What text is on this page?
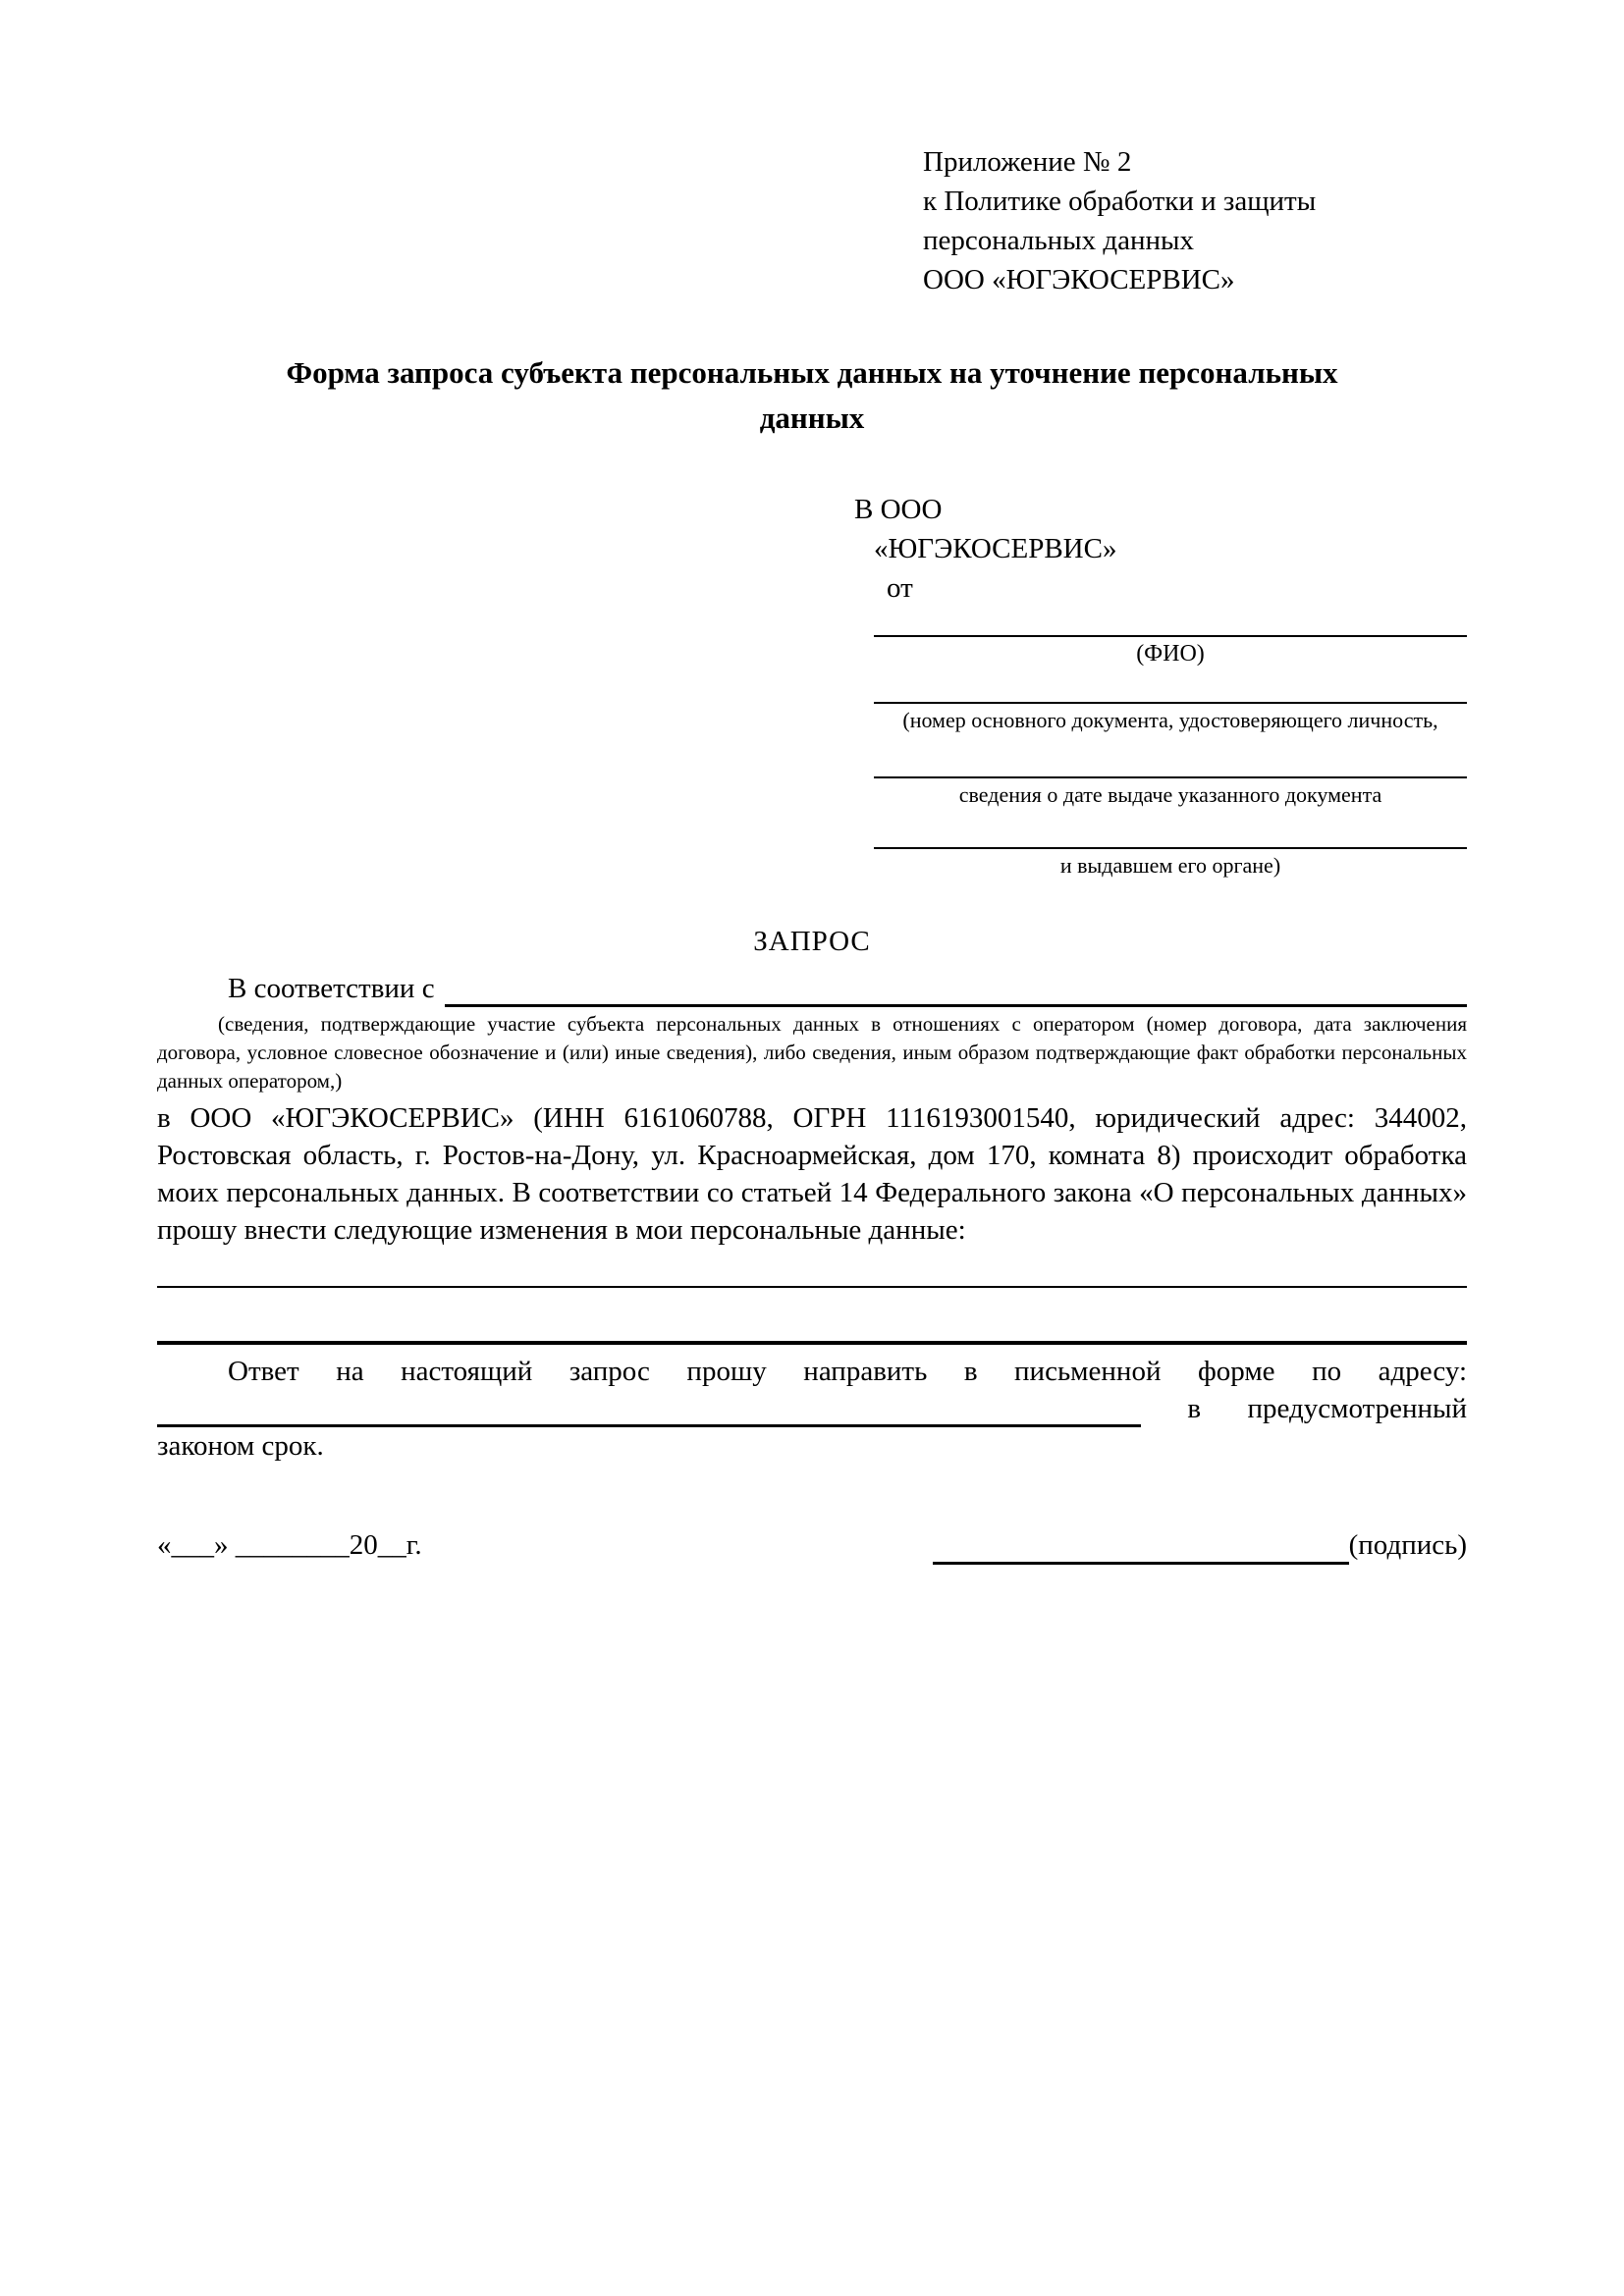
Приложение № 2
к Политике обработки и защиты персональных данных
ООО «ЮГЭКОСЕРВИС»
Форма запроса субъекта персональных данных на уточнение персональных данных
В ООО
«ЮГЭКОСЕРВИС»
от
(ФИО)
(номер основного документа, удостоверяющего личность,
сведения о дате выдаче указанного документа
и выдавшем его органе)
ЗАПРОС
В соответствии с
(сведения, подтверждающие участие субъекта персональных данных в отношениях с оператором (номер договора, дата заключения договора, условное словесное обозначение и (или) иные сведения), либо сведения, иным образом подтверждающие факт обработки персональных данных оператором,)
в ООО «ЮГЭКОСЕРВИС» (ИНН 6161060788, ОГРН 1116193001540, юридический адрес: 344002, Ростовская область, г. Ростов-на-Дону, ул. Красноармейская, дом 170, комната 8) происходит обработка моих персональных данных. В соответствии со статьей 14 Федерального закона «О персональных данных» прошу внести следующие изменения в мои персональные данные:
Ответ на настоящий запрос прошу направить в письменной форме по адресу:
в предусмотренный
законом срок.
«___» ________20__г.	(подпись)
